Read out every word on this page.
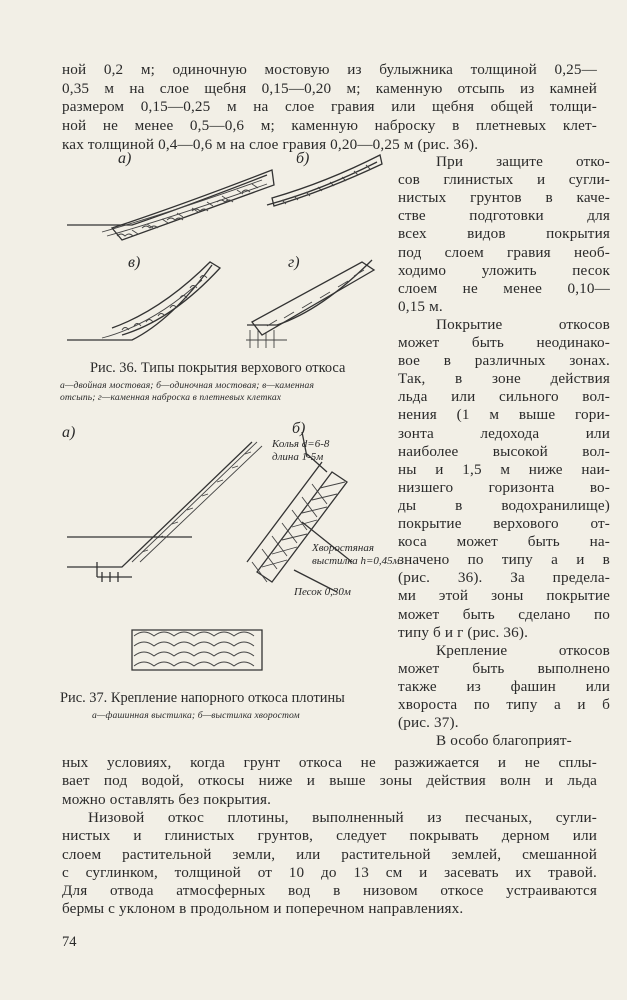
ной 0,2 м; одиночную мостовую из булыжника толщиной 0,25—
0,35 м на слое щебня 0,15—0,20 м; каменную отсыпь из камней
размером 0,15—0,25 м на слое гравия или щебня общей толщи-
ной не менее 0,5—0,6 м; каменную наброску в плетневых клет-
ках толщиной 0,4—0,6 м на слое гравия 0,20—0,25 м (рис. 36).
а)	б)
в)	г)
Рис. 36. Типы покрытия верхового откоса
а—двойная мостовая; б—одиночная мостовая; в—каменная
отсыпь; г—каменная наброска в плетневых клетках
а)	б)
Колья d=6-8
длина 1-5м
Хворостяная
выстилка h=0,45м
Песок 0,30м
Рис. 37. Крепление напорного откоса плотины
а—фашинная выстилка; б—выстилка хворостом
При защите отко-
сов глинистых и сугли-
нистых грунтов в каче-
стве подготовки для
всех видов покрытия
под слоем гравия необ-
ходимо уложить песок
слоем не менее 0,10—
0,15 м.
Покрытие откосов
может быть неодинако-
вое в различных зонах.
Так, в зоне действия
льда или сильного вол-
нения (1 м выше гори-
зонта ледохода или
наиболее высокой вол-
ны и 1,5 м ниже наи-
низшего горизонта во-
ды в водохранилище)
покрытие верхового от-
коса может быть на-
значено по типу а и в
(рис. 36). За предела-
ми этой зоны покрытие
может быть сделано по
типу б и г (рис. 36).
Крепление откосов
может быть выполнено
также из фашин или
хвороста по типу а и б
(рис. 37).
В особо благоприят-
ных условиях, когда грунт откоса не разжижается и не сплы-
вает под водой, откосы ниже и выше зоны действия волн и льда
можно оставлять без покрытия.
Низовой откос плотины, выполненный из песчаных, сугли-
нистых и глинистых грунтов, следует покрывать дерном или
слоем растительной земли, или растительной землей, смешанной
с суглинком, толщиной от 10 до 13 см и засевать их травой.
Для отвода атмосферных вод в низовом откосе устраиваются
бермы с уклоном в продольном и поперечном направлениях.
74
